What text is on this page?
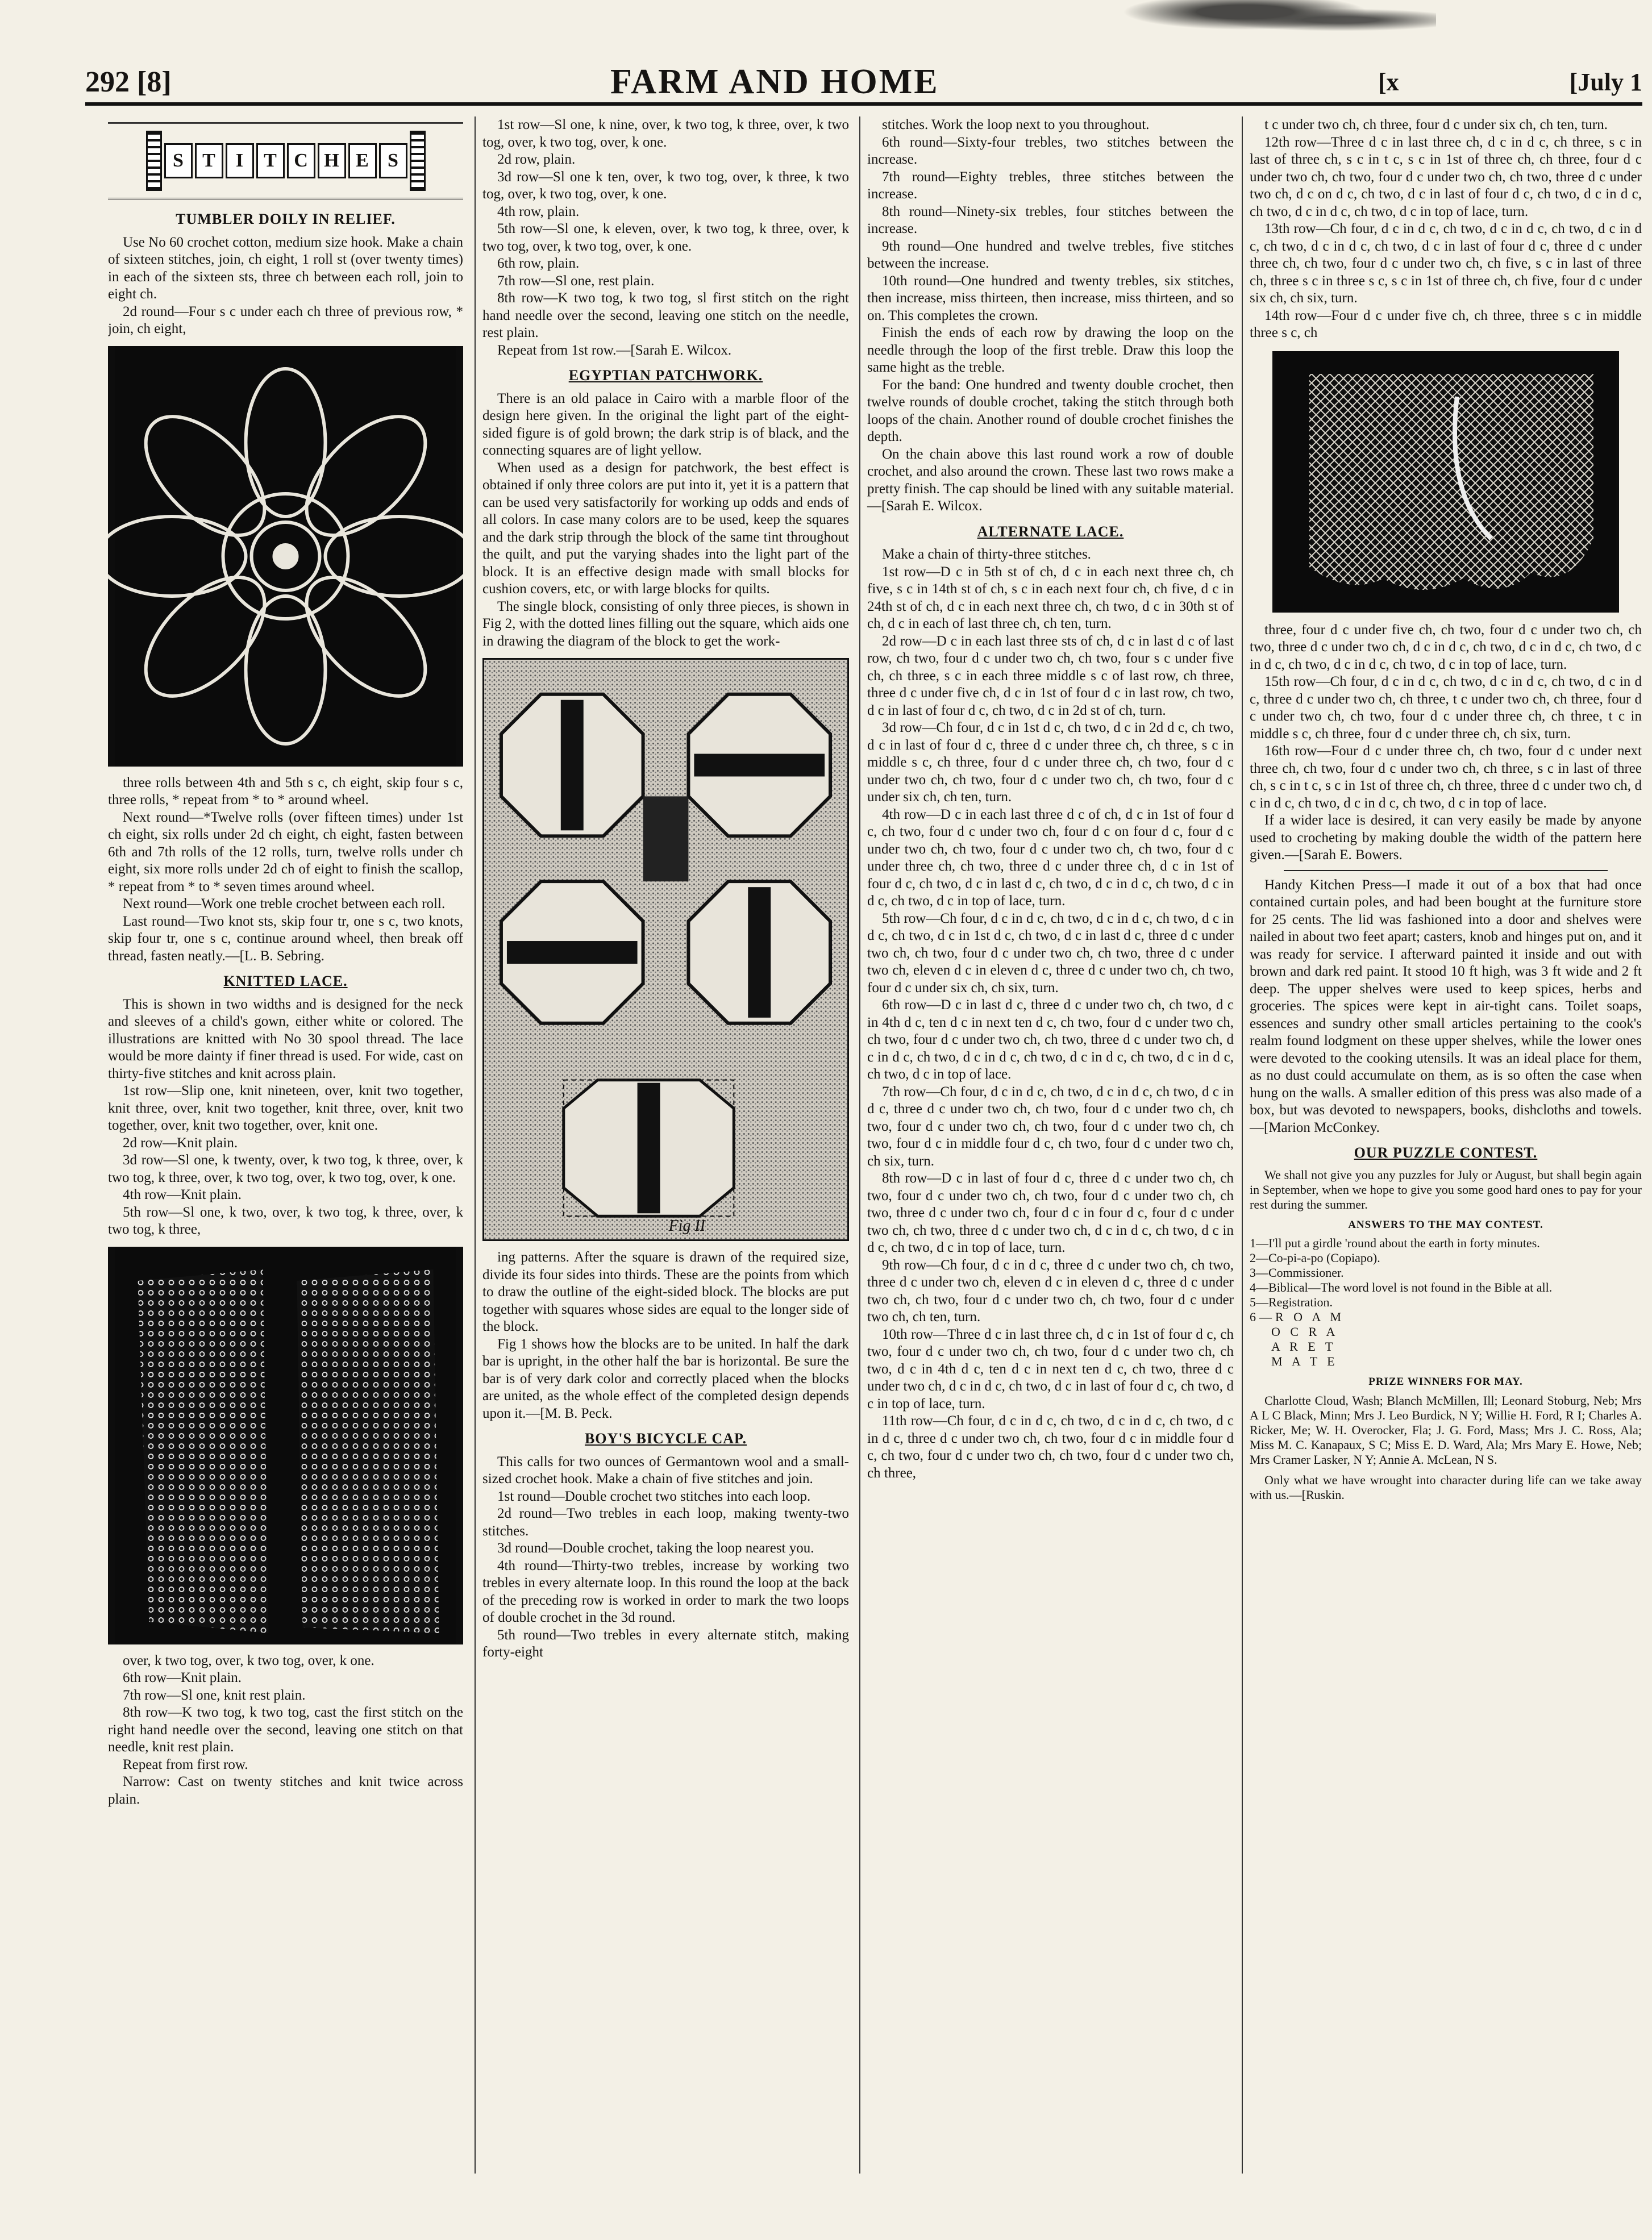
292 [8]	FARM AND HOME	[x	[July 1
S T	I	T C H E S
TUMBLER DOILY IN RELIEF.

Use No 60 crochet cotton, medium size hook. Make a chain of sixteen stitches, join, ch eight, 1 roll st (over twenty times) in each of the sixteen sts, three ch between each roll, join to eight ch.

2d round—Four s c under each ch three of previous row, * join, ch eight,

three rolls between 4th and 5th s c, ch eight, skip four s c, three rolls, * repeat from * to * around wheel.

Next round—*Twelve rolls (over fifteen times) under 1st ch eight, six rolls under 2d ch eight, ch eight, fasten between 6th and 7th rolls of the 12 rolls, turn, twelve rolls under ch eight, six more rolls under 2d ch of eight to finish the scallop, * repeat from * to * seven times around wheel.

Next round—Work one treble crochet between each roll.

Last round—Two knot sts, skip four tr, one s c, two knots, skip four tr, one s c, continue around wheel, then break off thread, fasten neatly.—[L. B. Sebring.

KNITTED LACE.

This is shown in two widths and is designed for the neck and sleeves of a child's gown, either white or colored. The illustrations are knitted with No 30 spool thread. The lace would be more dainty if finer thread is used. For wide, cast on thirty-five stitches and knit across plain.

1st row—Slip one, knit nineteen, over, knit two together, knit three, over, knit two together, knit three, over, knit two together, over, knit two together, over, knit one.

2d row—Knit plain.

3d row—Sl one, k twenty, over, k two tog, k three, over, k two tog, k three, over, k two tog, over, k two tog, over, k one.

4th row—Knit plain.

5th row—Sl one, k two, over, k two tog, k three, over, k two tog, k three,

over, k two tog, over, k two tog, over, k one.

6th row—Knit plain.

7th row—Sl one, knit rest plain.

8th row—K two tog, k two tog, cast the first stitch on the right hand needle over the second, leaving one stitch on that needle, knit rest plain.

Repeat from first row.

Narrow: Cast on twenty stitches and knit twice across plain.

1st row—Sl one, k nine, over, k two tog, k three, over, k two tog, over, k two tog, over, k one.

2d row, plain.

3d row—Sl one k ten, over, k two tog, over, k three, k two tog, over, k two tog, over, k one.

4th row, plain.

5th row—Sl one, k eleven, over, k two tog, k three, over, k two tog, over, k two tog, over, k one.

6th row, plain.

7th row—Sl one, rest plain.

8th row—K two tog, k two tog, sl first stitch on the right hand needle over the second, leaving one stitch on the needle, rest plain.

Repeat from 1st row.—[Sarah E. Wilcox.

EGYPTIAN PATCHWORK.

There is an old palace in Cairo with a marble floor of the design here given. In the original the light part of the eight-sided figure is of gold brown; the dark strip is of black, and the connecting squares are of light yellow.

When used as a design for patchwork, the best effect is obtained if only three colors are put into it, yet it is a pattern that can be used very satisfactorily for working up odds and ends of all colors. In case many colors are to be used, keep the squares and the dark strip through the block of the same tint throughout the quilt, and put the varying shades into the light part of the block. It is an effective design made with small blocks for cushion covers, etc, or with large blocks for quilts.

The single block, consisting of only three pieces, is shown in Fig 2, with the dotted lines filling out the square, which aids one in drawing the diagram of the block to get the work-

Fig II

ing patterns. After the square is drawn of the required size, divide its four sides into thirds. These are the points from which to draw the outline of the eight-sided block. The blocks are put together with squares whose sides are equal to the longer side of the block.

Fig 1 shows how the blocks are to be united. In half the dark bar is upright, in the other half the bar is horizontal. Be sure the bar is of very dark color and correctly placed when the blocks are united, as the whole effect of the completed design depends upon it.—[M. B. Peck.

BOY'S BICYCLE CAP.

This calls for two ounces of Germantown wool and a small-sized crochet hook. Make a chain of five stitches and join.

1st round—Double crochet two stitches into each loop.

2d round—Two trebles in each loop, making twenty-two stitches.

3d round—Double crochet, taking the loop nearest you.

4th round—Thirty-two trebles, increase by working two trebles in every alternate loop. In this round the loop at the back of the preceding row is worked in order to mark the two loops of double crochet in the 3d round.

5th round—Two trebles in every alternate stitch, making forty-eight

stitches. Work the loop next to you throughout.

6th round—Sixty-four trebles, two stitches between the increase.

7th round—Eighty trebles, three stitches between the increase.

8th round—Ninety-six trebles, four stitches between the increase.

9th round—One hundred and twelve trebles, five stitches between the increase.

10th round—One hundred and twenty trebles, six stitches, then increase, miss thirteen, then increase, miss thirteen, and so on. This completes the crown.

Finish the ends of each row by drawing the loop on the needle through the loop of the first treble. Draw this loop the same hight as the treble.

For the band: One hundred and twenty double crochet, then twelve rounds of double crochet, taking the stitch through both loops of the chain. Another round of double crochet finishes the depth.

On the chain above this last round work a row of double crochet, and also around the crown. These last two rows make a pretty finish. The cap should be lined with any suitable material.—[Sarah E. Wilcox.

ALTERNATE LACE.

Make a chain of thirty-three stitches.

1st row—D c in 5th st of ch, d c in each next three ch, ch five, s c in 14th st of ch, s c in each next four ch, ch five, d c in 24th st of ch, d c in each next three ch, ch two, d c in 30th st of ch, d c in each of last three ch, ch ten, turn.

2d row—D c in each last three sts of ch, d c in last d c of last row, ch two, four d c under two ch, ch two, four s c under five ch, ch three, s c in each three middle s c of last row, ch three, three d c under five ch, d c in 1st of four d c in last row, ch two, d c in last of four d c, ch two, d c in 2d st of ch, turn.

3d row—Ch four, d c in 1st d c, ch two, d c in 2d d c, ch two, d c in last of four d c, three d c under three ch, ch three, s c in middle s c, ch three, four d c under three ch, ch two, four d c under two ch, ch two, four d c under two ch, ch two, four d c under six ch, ch ten, turn.

4th row—D c in each last three d c of ch, d c in 1st of four d c, ch two, four d c under two ch, four d c on four d c, four d c under two ch, ch two, four d c under two ch, ch two, four d c under three ch, ch two, three d c under three ch, d c in 1st of four d c, ch two, d c in last d c, ch two, d c in d c, ch two, d c in d c, ch two, d c in top of lace, turn.

5th row—Ch four, d c in d c, ch two, d c in d c, ch two, d c in d c, ch two, d c in 1st d c, ch two, d c in last d c, three d c under two ch, ch two, four d c under two ch, ch two, three d c under two ch, eleven d c in eleven d c, three d c under two ch, ch two, four d c under six ch, ch six, turn.

6th row—D c in last d c, three d c under two ch, ch two, d c in 4th d c, ten d c in next ten d c, ch two, four d c under two ch, ch two, four d c under two ch, ch two, three d c under two ch, d c in d c, ch two, d c in d c, ch two, d c in d c, ch two, d c in d c, ch two, d c in top of lace.

7th row—Ch four, d c in d c, ch two, d c in d c, ch two, d c in d c, three d c under two ch, ch two, four d c under two ch, ch two, four d c under two ch, ch two, four d c under two ch, ch two, four d c in middle four d c, ch two, four d c under two ch, ch six, turn.

8th row—D c in last of four d c, three d c under two ch, ch two, four d c under two ch, ch two, four d c under two ch, ch two, three d c under two ch, four d c in four d c, four d c under two ch, ch two, three d c under two ch, d c in d c, ch two, d c in d c, ch two, d c in top of lace, turn.

9th row—Ch four, d c in d c, three d c under two ch, ch two, three d c under two ch, eleven d c in eleven d c, three d c under two ch, ch two, four d c under two ch, ch two, four d c under two ch, ch ten, turn.

10th row—Three d c in last three ch, d c in 1st of four d c, ch two, four d c under two ch, ch two, four d c under two ch, ch two, d c in 4th d c, ten d c in next ten d c, ch two, three d c under two ch, d c in d c, ch two, d c in last of four d c, ch two, d c in top of lace, turn.

11th row—Ch four, d c in d c, ch two, d c in d c, ch two, d c in d c, three d c under two ch, ch two, four d c in middle four d c, ch two, four d c under two ch, ch two, four d c under two ch, ch three,

t c under two ch, ch three, four d c under six ch, ch ten, turn.

12th row—Three d c in last three ch, d c in d c, ch three, s c in last of three ch, s c in t c, s c in 1st of three ch, ch three, four d c under two ch, ch two, four d c under two ch, ch two, three d c under two ch, d c on d c, ch two, d c in last of four d c, ch two, d c in d c, ch two, d c in d c, ch two, d c in top of lace, turn.

13th row—Ch four, d c in d c, ch two, d c in d c, ch two, d c in d c, ch two, d c in d c, ch two, d c in last of four d c, three d c under three ch, ch two, four d c under two ch, ch five, s c in last of three ch, three s c in three s c, s c in 1st of three ch, ch five, four d c under six ch, ch six, turn.

14th row—Four d c under five ch, ch three, three s c in middle three s c, ch

three, four d c under five ch, ch two, four d c under two ch, ch two, three d c under two ch, d c in d c, ch two, d c in d c, ch two, d c in d c, ch two, d c in d c, ch two, d c in top of lace, turn.

15th row—Ch four, d c in d c, ch two, d c in d c, ch two, d c in d c, three d c under two ch, ch three, t c under two ch, ch three, four d c under two ch, ch two, four d c under three ch, ch three, t c in middle s c, ch three, four d c under three ch, ch six, turn.

16th row—Four d c under three ch, ch two, four d c under next three ch, ch two, four d c under two ch, ch three, s c in last of three ch, s c in t c, s c in 1st of three ch, ch three, three d c under two ch, d c in d c, ch two, d c in d c, ch two, d c in top of lace.

If a wider lace is desired, it can very easily be made by anyone used to crocheting by making double the width of the pattern here given.—[Sarah E. Bowers.

Handy Kitchen Press—I made it out of a box that had once contained curtain poles, and had been bought at the furniture store for 25 cents. The lid was fashioned into a door and shelves were nailed in about two feet apart; casters, knob and hinges put on, and it was ready for service. I afterward painted it inside and out with brown and dark red paint. It stood 10 ft high, was 3 ft wide and 2 ft deep. The upper shelves were used to keep spices, herbs and groceries. The spices were kept in air-tight cans. Toilet soaps, essences and sundry other small articles pertaining to the cook's realm found lodgment on these upper shelves, while the lower ones were devoted to the cooking utensils. It was an ideal place for them, as no dust could accumulate on them, as is so often the case when hung on the walls. A smaller edition of this press was also made of a box, but was devoted to newspapers, books, dishcloths and towels.—[Marion McConkey.

OUR PUZZLE CONTEST.

We shall not give you any puzzles for July or August, but shall begin again in September, when we hope to give you some good hard ones to pay for your rest during the summer.

ANSWERS TO THE MAY CONTEST.

1—I'll put a girdle 'round about the earth in forty minutes.

2—Co-pi-a-po (Copiapo).

3—Commissioner.

4—Biblical—The word lovel is not found in the Bible at all.

5—Registration.

6—R O A M

O C R A

A R E T

M A T E

PRIZE WINNERS FOR MAY.

Charlotte Cloud, Wash; Blanch McMillen, Ill; Leonard Stoburg, Neb; Mrs A L C Black, Minn; Mrs J. Leo Burdick, N Y; Willie H. Ford, R I; Charles A. Ricker, Me; W. H. Overocker, Fla; J. G. Ford, Mass; Mrs J. C. Ross, Ala; Miss M. C. Kanapaux, S C; Miss E. D. Ward, Ala; Mrs Mary E. Howe, Neb; Mrs Cramer Lasker, N Y; Annie A. McLean, N S.

Only what we have wrought into character during life can we take away with us.—[Ruskin.
